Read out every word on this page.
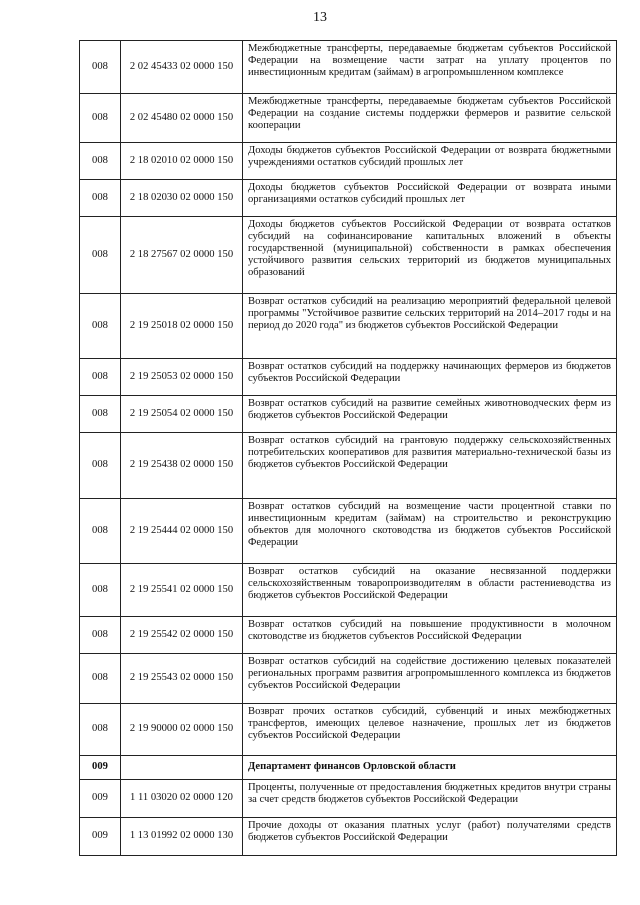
13
008	2 02 45433 02 0000 150	Межбюджетные трансферты, передаваемые бюджетам субъектов Российской Федерации на возмещение части затрат на уплату процентов по инвестиционным кредитам (займам) в агропромышленном комплексе
008	2 02 45480 02 0000 150	Межбюджетные трансферты, передаваемые бюджетам субъектов Российской Федерации на создание системы поддержки фермеров и развитие сельской кооперации
008	2 18 02010 02 0000 150	Доходы бюджетов субъектов Российской Федерации от возврата бюджетными учреждениями остатков субсидий прошлых лет
008	2 18 02030 02 0000 150	Доходы бюджетов субъектов Российской Федерации от возврата иными организациями остатков субсидий прошлых лет
008	2 18 27567 02 0000 150	Доходы бюджетов субъектов Российской Федерации от возврата остатков субсидий на софинансирование капитальных вложений в объекты государственной (муниципальной) собственности в рамках обеспечения устойчивого развития сельских территорий из бюджетов муниципальных образований
008	2 19 25018 02 0000 150	Возврат остатков субсидий на реализацию мероприятий федеральной целевой программы "Устойчивое развитие сельских территорий на 2014–2017 годы и на период до 2020 года" из бюджетов субъектов Российской Федерации
008	2 19 25053 02 0000 150	Возврат остатков субсидий на поддержку начинающих фермеров из бюджетов субъектов Российской Федерации
008	2 19 25054 02 0000 150	Возврат остатков субсидий на развитие семейных животноводческих ферм из бюджетов субъектов Российской Федерации
008	2 19 25438 02 0000 150	Возврат остатков субсидий на грантовую поддержку сельскохозяйственных потребительских кооперативов для развития материально-технической базы из бюджетов субъектов Российской Федерации
008	2 19 25444 02 0000 150	Возврат остатков субсидий на возмещение части процентной ставки по инвестиционным кредитам (займам) на строительство и реконструкцию объектов для молочного скотоводства из бюджетов субъектов Российской Федерации
008	2 19 25541 02 0000 150	Возврат остатков субсидий на оказание несвязанной поддержки сельскохозяйственным товаропроизводителям в области растениеводства из бюджетов субъектов Российской Федерации
008	2 19 25542 02 0000 150	Возврат остатков субсидий на повышение продуктивности в молочном скотоводстве из бюджетов субъектов Российской Федерации
008	2 19 25543 02 0000 150	Возврат остатков субсидий на содействие достижению целевых показателей региональных программ развития агропромышленного комплекса из бюджетов субъектов Российской Федерации
008	2 19 90000 02 0000 150	Возврат прочих остатков субсидий, субвенций и иных межбюджетных трансфертов, имеющих целевое назначение, прошлых лет из бюджетов субъектов Российской Федерации
009		Департамент финансов Орловской области
009	1 11 03020 02 0000 120	Проценты, полученные от предоставления бюджетных кредитов внутри страны за счет средств бюджетов субъектов Российской Федерации
009	1 13 01992 02 0000 130	Прочие доходы от оказания платных услуг (работ) получателями средств бюджетов субъектов Российской Федерации
